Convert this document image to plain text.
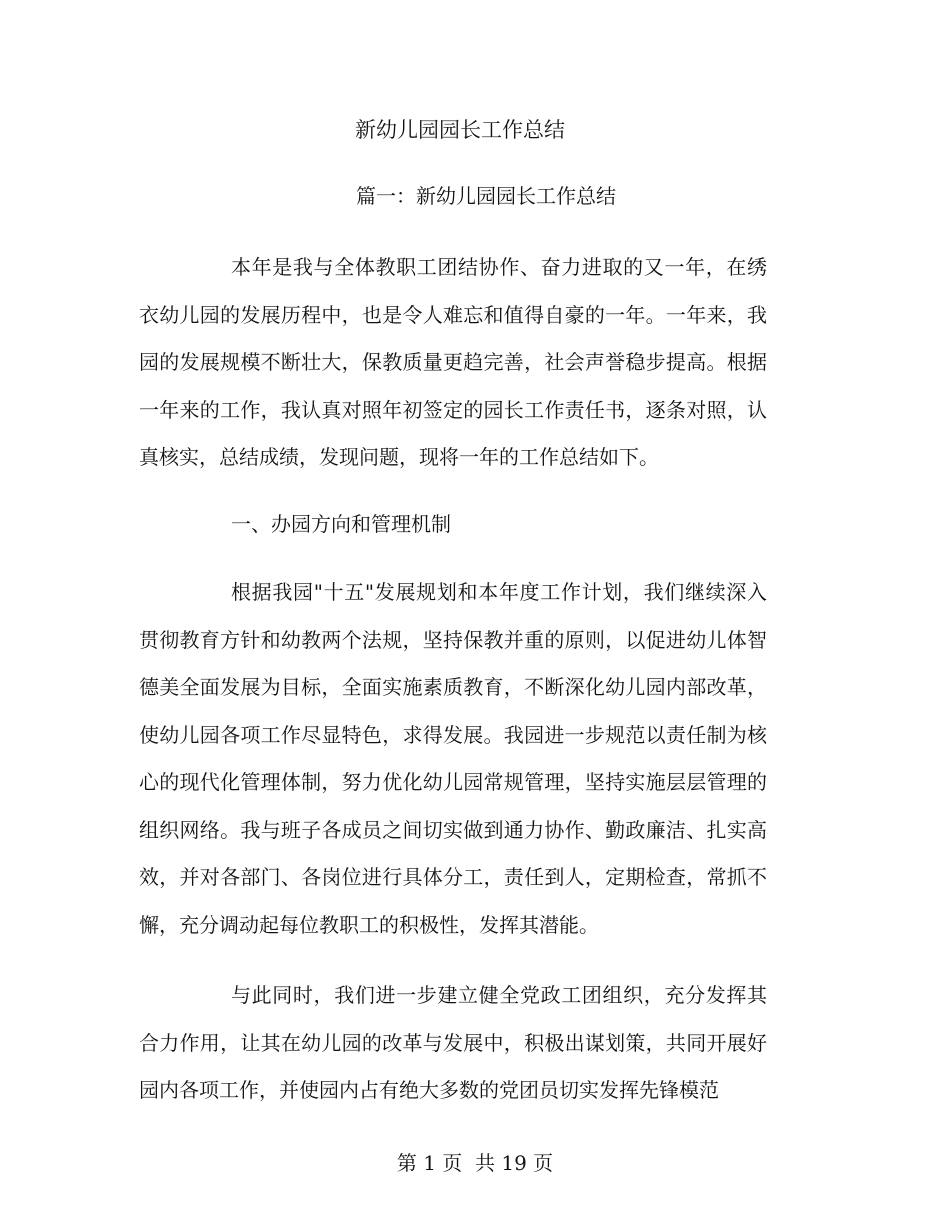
新幼儿园园长工作总结
篇一：新幼儿园园长工作总结
本年是我与全体教职工团结协作、奋力进取的又一年，在绣衣幼儿园的发展历程中，也是令人难忘和值得自豪的一年。一年来，我园的发展规模不断壮大，保教质量更趋完善，社会声誉稳步提高。根据一年来的工作，我认真对照年初签定的园长工作责任书，逐条对照，认真核实，总结成绩，发现问题，现将一年的工作总结如下。
一、办园方向和管理机制
根据我园"十五"发展规划和本年度工作计划，我们继续深入贯彻教育方针和幼教两个法规，坚持保教并重的原则，以促进幼儿体智德美全面发展为目标，全面实施素质教育，不断深化幼儿园内部改革，使幼儿园各项工作尽显特色，求得发展。我园进一步规范以责任制为核心的现代化管理体制，努力优化幼儿园常规管理，坚持实施层层管理的组织网络。我与班子各成员之间切实做到通力协作、勤政廉洁、扎实高效，并对各部门、各岗位进行具体分工，责任到人，定期检查，常抓不懈，充分调动起每位教职工的积极性，发挥其潜能。
与此同时，我们进一步建立健全党政工团组织，充分发挥其合力作用，让其在幼儿园的改革与发展中，积极出谋划策，共同开展好园内各项工作，并使园内占有绝大多数的党团员切实发挥先锋模范
第 1 页  共 19 页
